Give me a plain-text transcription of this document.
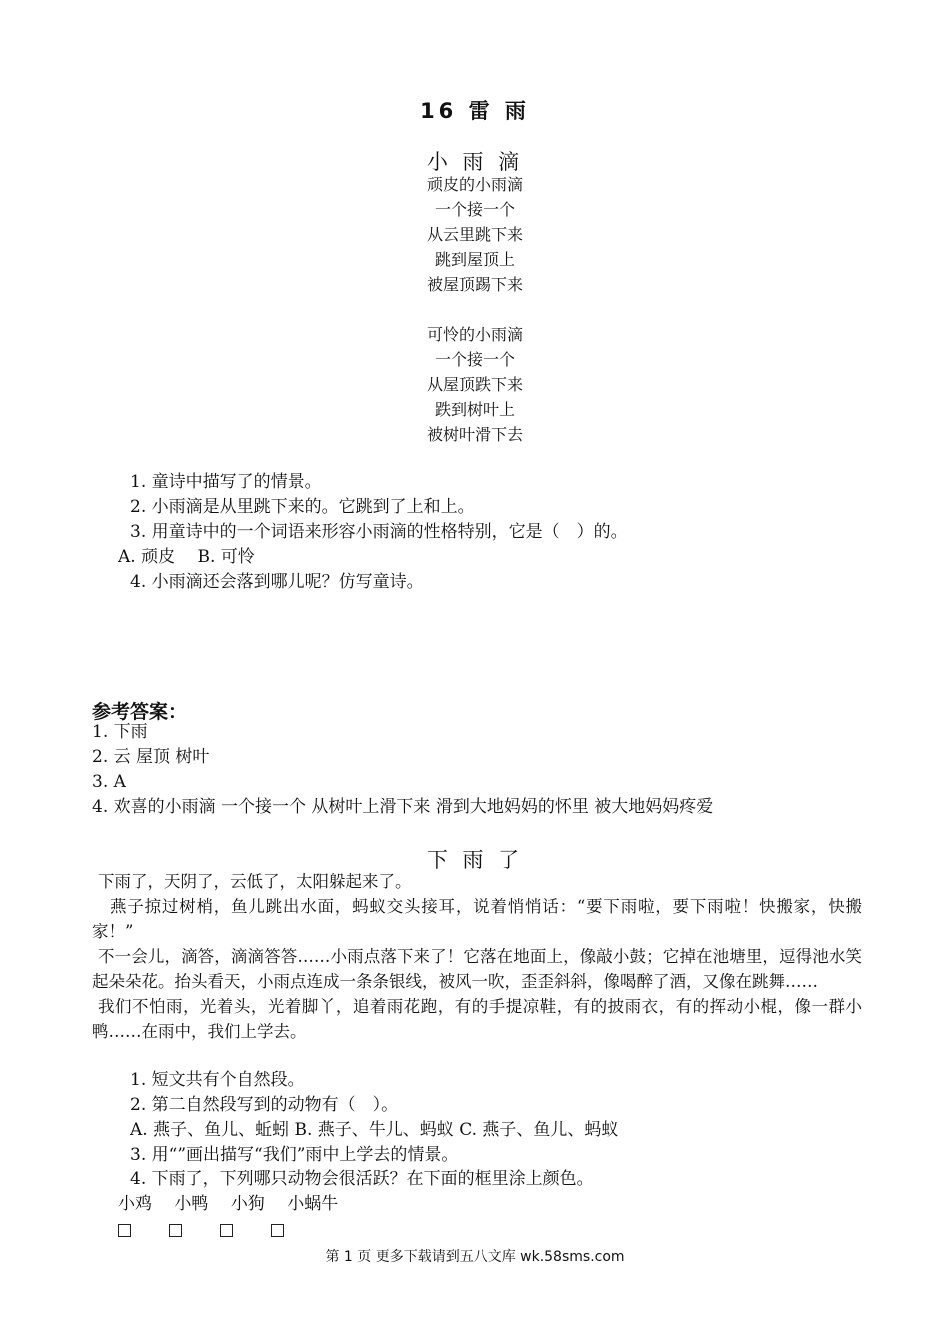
16 雷 雨
小 雨 滴
顽皮的小雨滴
一个接一个
从云里跳下来
跳到屋顶上
被屋顶踢下来
可怜的小雨滴
一个接一个
从屋顶跌下来
跌到树叶上
被树叶滑下去
1. 童诗中描写了的情景。
2. 小雨滴是从里跳下来的。它跳到了上和上。
3. 用童诗中的一个词语来形容小雨滴的性格特别，它是（　）的。
A. 顽皮　 B. 可怜
4. 小雨滴还会落到哪儿呢？仿写童诗。
参考答案：
1. 下雨
2. 云 屋顶 树叶
3. A
4. 欢喜的小雨滴 一个接一个 从树叶上滑下来 滑到大地妈妈的怀里 被大地妈妈疼爱
下 雨 了

下雨了，天阴了，云低了，太阳躲起来了。

燕子掠过树梢，鱼儿跳出水面，蚂蚁交头接耳，说着悄悄话：“要下雨啦，要下雨啦！快搬家，快搬家！”

不一会儿，滴答，滴滴答答……小雨点落下来了！它落在地面上，像敲小鼓；它掉在池塘里，逗得池水笑起朵朵花。抬头看天，小雨点连成一条条银线，被风一吹，歪歪斜斜，像喝醉了酒，又像在跳舞……

我们不怕雨，光着头，光着脚丫，追着雨花跑，有的手提凉鞋，有的披雨衣，有的挥动小棍，像一群小鸭……在雨中，我们上学去。

1. 短文共有个自然段。
2. 第二自然段写到的动物有（　）。
A. 燕子、鱼儿、蚯蚓 B. 燕子、牛儿、蚂蚁 C. 燕子、鱼儿、蚂蚁
3. 用“”画出描写“我们”雨中上学去的情景。
4. 下雨了，下列哪只动物会很活跃？在下面的框里涂上颜色。
小鸡 小鸭 小狗 小蜗牛
第 1 页 更多下载请到五八文库 wk.58sms.com
